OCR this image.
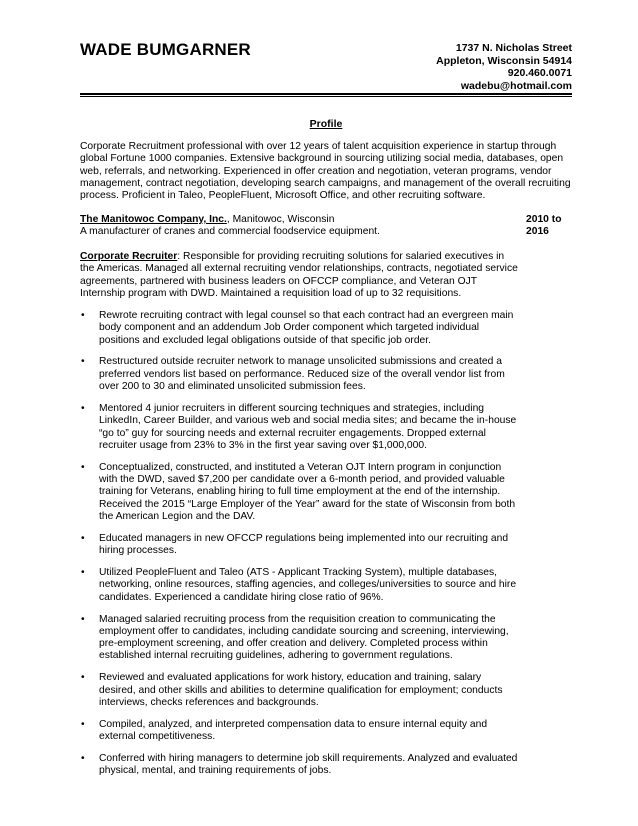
WADE BUMGARNER	1737 N. Nicholas Street
Appleton, Wisconsin 54914
920.460.0071
wadebu@hotmail.com
Profile

Corporate Recruitment professional with over 12 years of talent acquisition experience in startup through global Fortune 1000 companies. Extensive background in sourcing utilizing social media, databases, open web, referrals, and networking. Experienced in offer creation and negotiation, veteran programs, vendor management, contract negotiation, developing search campaigns, and management of the overall recruiting process. Proficient in Taleo, PeopleFluent, Microsoft Office, and other recruiting software.

The Manitowoc Company, Inc., Manitowoc, Wisconsin	2010 to
A manufacturer of cranes and commercial foodservice equipment.	2016

Corporate Recruiter: Responsible for providing recruiting solutions for salaried executives in the Americas. Managed all external recruiting vendor relationships, contracts, negotiated service agreements, partnered with business leaders on OFCCP compliance, and Veteran OJT Internship program with DWD. Maintained a requisition load of up to 32 requisitions.

• Rewrote recruiting contract with legal counsel so that each contract had an evergreen main body component and an addendum Job Order component which targeted individual positions and excluded legal obligations outside of that specific job order.
• Restructured outside recruiter network to manage unsolicited submissions and created a preferred vendors list based on performance. Reduced size of the overall vendor list from over 200 to 30 and eliminated unsolicited submission fees.
• Mentored 4 junior recruiters in different sourcing techniques and strategies, including LinkedIn, Career Builder, and various web and social media sites; and became the in-house “go to” guy for sourcing needs and external recruiter engagements. Dropped external recruiter usage from 23% to 3% in the first year saving over $1,000,000.
• Conceptualized, constructed, and instituted a Veteran OJT Intern program in conjunction with the DWD, saved $7,200 per candidate over a 6-month period, and provided valuable training for Veterans, enabling hiring to full time employment at the end of the internship. Received the 2015 “Large Employer of the Year” award for the state of Wisconsin from both the American Legion and the DAV.
• Educated managers in new OFCCP regulations being implemented into our recruiting and hiring processes.
• Utilized PeopleFluent and Taleo (ATS - Applicant Tracking System), multiple databases, networking, online resources, staffing agencies, and colleges/universities to source and hire candidates. Experienced a candidate hiring close ratio of 96%.
• Managed salaried recruiting process from the requisition creation to communicating the employment offer to candidates, including candidate sourcing and screening, interviewing, pre-employment screening, and offer creation and delivery. Completed process within established internal recruiting guidelines, adhering to government regulations.
• Reviewed and evaluated applications for work history, education and training, salary desired, and other skills and abilities to determine qualification for employment; conducts interviews, checks references and backgrounds.
• Compiled, analyzed, and interpreted compensation data to ensure internal equity and external competitiveness.
• Conferred with hiring managers to determine job skill requirements. Analyzed and evaluated physical, mental, and training requirements of jobs.
